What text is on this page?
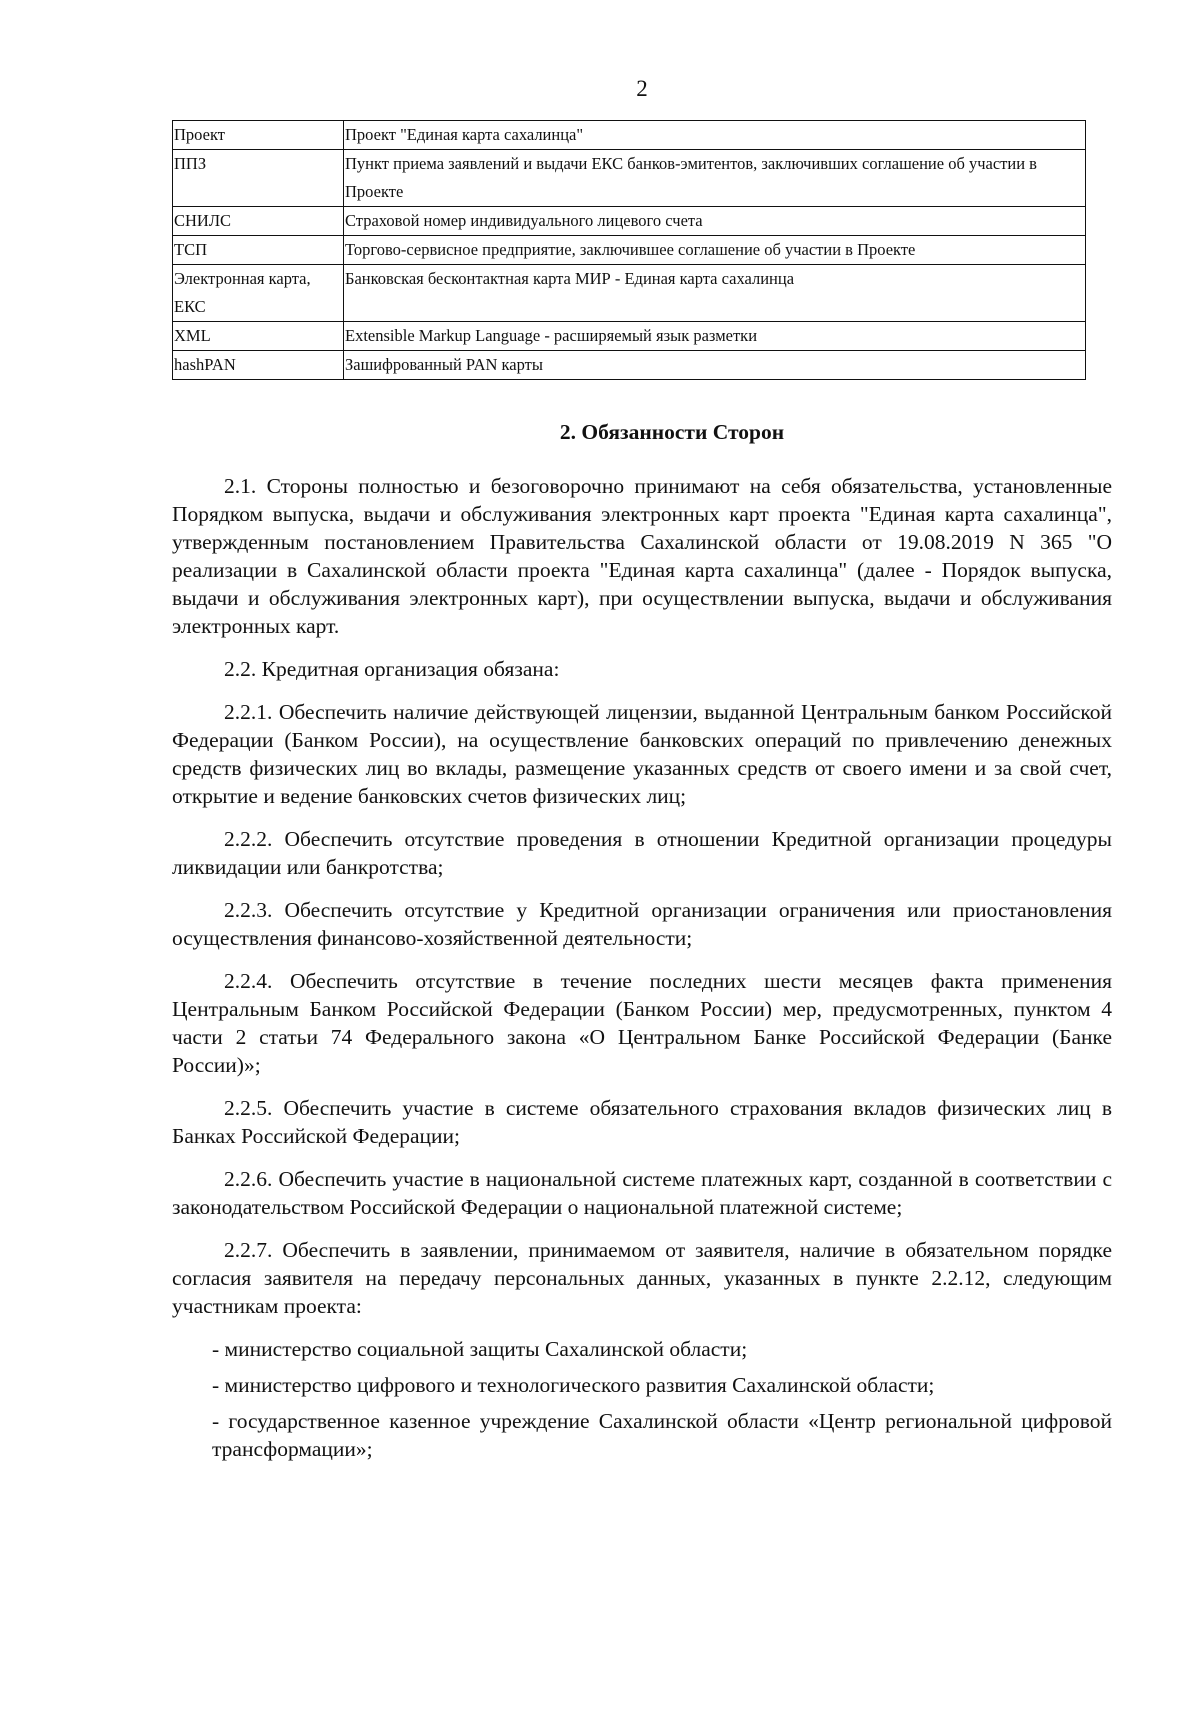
2
Проект	Проект "Единая карта сахалинца"
ППЗ	Пункт приема заявлений и выдачи ЕКС банков-эмитентов, заключивших соглашение об участии в Проекте
СНИЛС	Страховой номер индивидуального лицевого счета
ТСП	Торгово-сервисное предприятие, заключившее соглашение об участии в Проекте
Электронная карта, ЕКС	Банковская бесконтактная карта МИР - Единая карта сахалинца
XML	Extensible Markup Language - расширяемый язык разметки
hashPAN	Зашифрованный PAN карты
2. Обязанности Сторон

2.1. Стороны полностью и безоговорочно принимают на себя обязательства, установленные Порядком выпуска, выдачи и обслуживания электронных карт проекта "Единая карта сахалинца", утвержденным постановлением Правительства Сахалинской области от 19.08.2019 N 365 "О реализации в Сахалинской области проекта "Единая карта сахалинца" (далее - Порядок выпуска, выдачи и обслуживания электронных карт), при осуществлении выпуска, выдачи и обслуживания электронных карт.

2.2. Кредитная организация обязана:

2.2.1. Обеспечить наличие действующей лицензии, выданной Центральным банком Российской Федерации (Банком России), на осуществление банковских операций по привлечению денежных средств физических лиц во вклады, размещение указанных средств от своего имени и за свой счет, открытие и ведение банковских счетов физических лиц;

2.2.2. Обеспечить отсутствие проведения в отношении Кредитной организации процедуры ликвидации или банкротства;

2.2.3. Обеспечить отсутствие у Кредитной организации ограничения или приостановления осуществления финансово-хозяйственной деятельности;

2.2.4. Обеспечить отсутствие в течение последних шести месяцев факта применения Центральным Банком Российской Федерации (Банком России) мер, предусмотренных, пунктом 4 части 2 статьи 74 Федерального закона «О Центральном Банке Российской Федерации (Банке России)»;

2.2.5. Обеспечить участие в системе обязательного страхования вкладов физических лиц в Банках Российской Федерации;

2.2.6. Обеспечить участие в национальной системе платежных карт, созданной в соответствии с законодательством Российской Федерации о национальной платежной системе;

2.2.7. Обеспечить в заявлении, принимаемом от заявителя, наличие в обязательном порядке согласия заявителя на передачу персональных данных, указанных в пункте 2.2.12, следующим участникам проекта:

- министерство социальной защиты Сахалинской области;

- министерство цифрового и технологического развития Сахалинской области;

- государственное казенное учреждение Сахалинской области «Центр региональной цифровой трансформации»;
